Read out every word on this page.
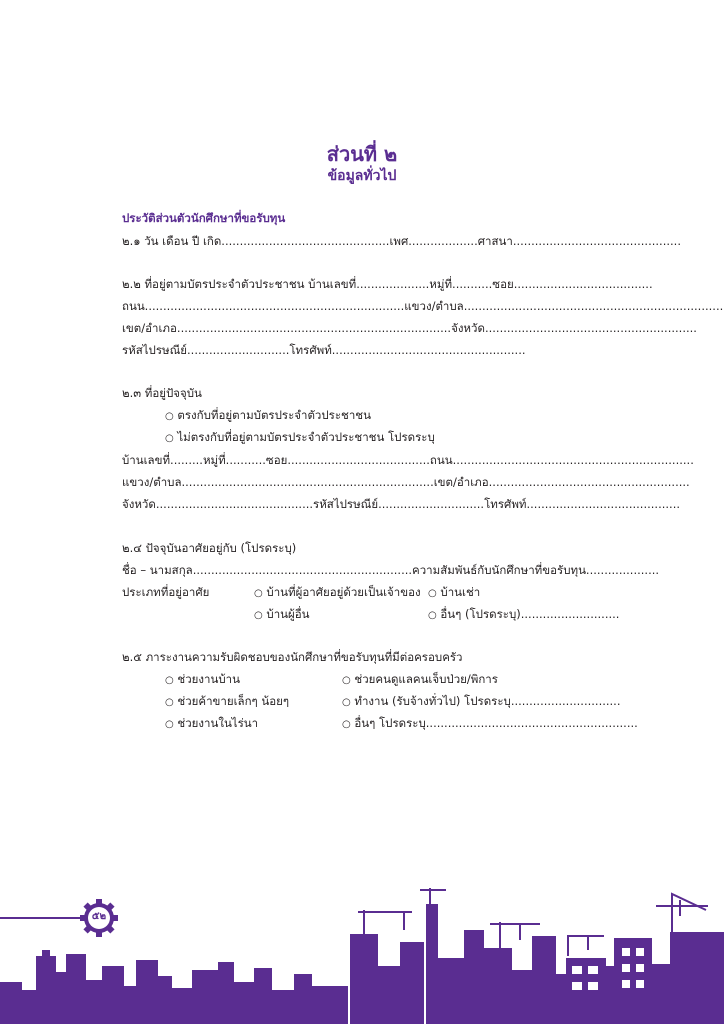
ส่วนที่ ๒
ข้อมูลทั่วไป
ประวัติส่วนตัวนักศึกษาที่ขอรับทุน
๒.๑ วัน เดือน ปี เกิด..............................................เพศ...................ศาสนา..............................................
๒.๒ ที่อยู่ตามบัตรประจำตัวประชาชน บ้านเลขที่....................หมู่ที่...........ซอย......................................
ถนน.......................................................................แขวง/ตำบล.......................................................................
เขต/อำเภอ...........................................................................จังหวัด..........................................................
รหัสไปรษณีย์............................โทรศัพท์.....................................................
๒.๓ ที่อยู่ปัจจุบัน
○ ตรงกับที่อยู่ตามบัตรประจำตัวประชาชน
○ ไม่ตรงกับที่อยู่ตามบัตรประจำตัวประชาชน โปรดระบุ
บ้านเลขที่.........หมู่ที่...........ซอย.......................................ถนน..................................................................
แขวง/ตำบล.....................................................................เขต/อำเภอ.......................................................
จังหวัด...........................................รหัสไปรษณีย์.............................โทรศัพท์..........................................
๒.๔ ปัจจุบันอาศัยอยู่กับ (โปรดระบุ)
ชื่อ – นามสกุล............................................................ความสัมพันธ์กับนักศึกษาที่ขอรับทุน....................
ประเภทที่อยู่อาศัย	○ บ้านที่ผู้อาศัยอยู่ด้วยเป็นเจ้าของ ○ บ้านเช่า
○ บ้านผู้อื่น	○ อื่นๆ (โปรดระบุ)...........................
๒.๕ ภาระงานความรับผิดชอบของนักศึกษาที่ขอรับทุนที่มีต่อครอบครัว
○ ช่วยงานบ้าน	○ ช่วยคนดูแลคนเจ็บป่วย/พิการ
○ ช่วยค้าขายเล็กๆ น้อยๆ	○ ทำงาน (รับจ้างทั่วไป) โปรดระบุ..............................
○ ช่วยงานในไร่นา	○ อื่นๆ โปรดระบุ..........................................................
๕๒
